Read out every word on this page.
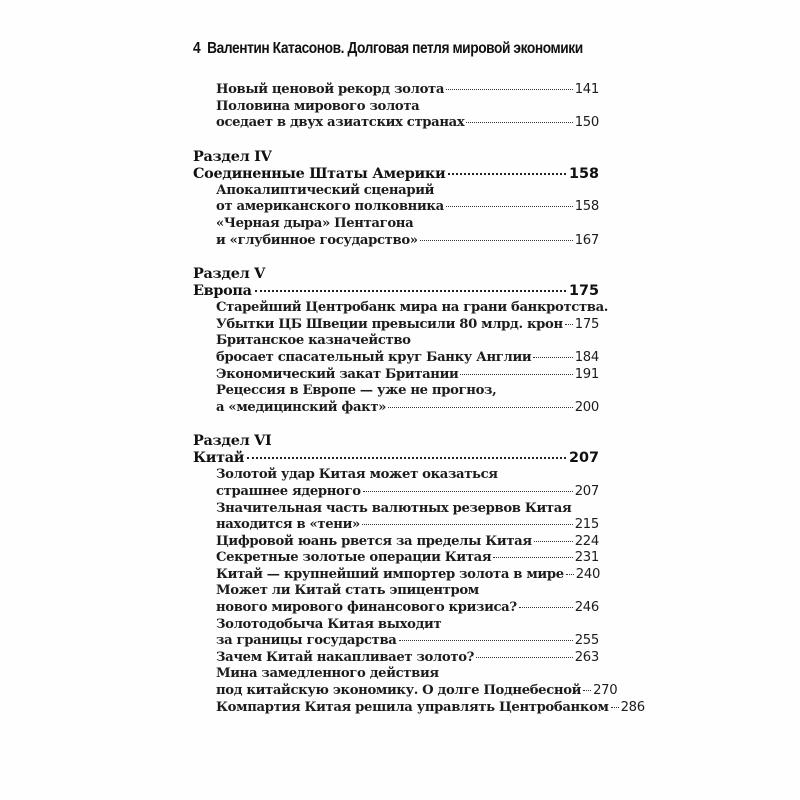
4 Валентин Катасонов. Долговая петля мировой экономики
Новый ценовой рекорд золота	141
Половина мирового золота
оседает в двух азиатских странах	150
Раздел IV
Соединенные Штаты Америки	158
Апокалиптический сценарий
от американского полковника	158
«Черная дыра» Пентагона
и «глубинное государство»	167
Раздел V
Европа	175
Старейший Центробанк мира на грани банкротства.
Убытки ЦБ Швеции превысили 80 млрд. крон 175
Британское казначейство
бросает спасательный круг Банку Англии	184
Экономический закат Британии	191
Рецессия в Европе — уже не прогноз,
а «медицинский факт»	200
Раздел VI
Китай	207
Золотой удар Китая может оказаться
страшнее ядерного	207
Значительная часть валютных резервов Китая
находится в «тени»	215
Цифровой юань рвется за пределы Китая	224
Секретные золотые операции Китая	231
Китай — крупнейший импортер золота в мире 240
Может ли Китай стать эпицентром
нового мирового финансового кризиса?	246
Золотодобыча Китая выходит
за границы государства	255
Зачем Китай накапливает золото?	263
Мина замедленного действия
под китайскую экономику. О долге Поднебесной 270
Компартия Китая решила управлять Центробанком 286
